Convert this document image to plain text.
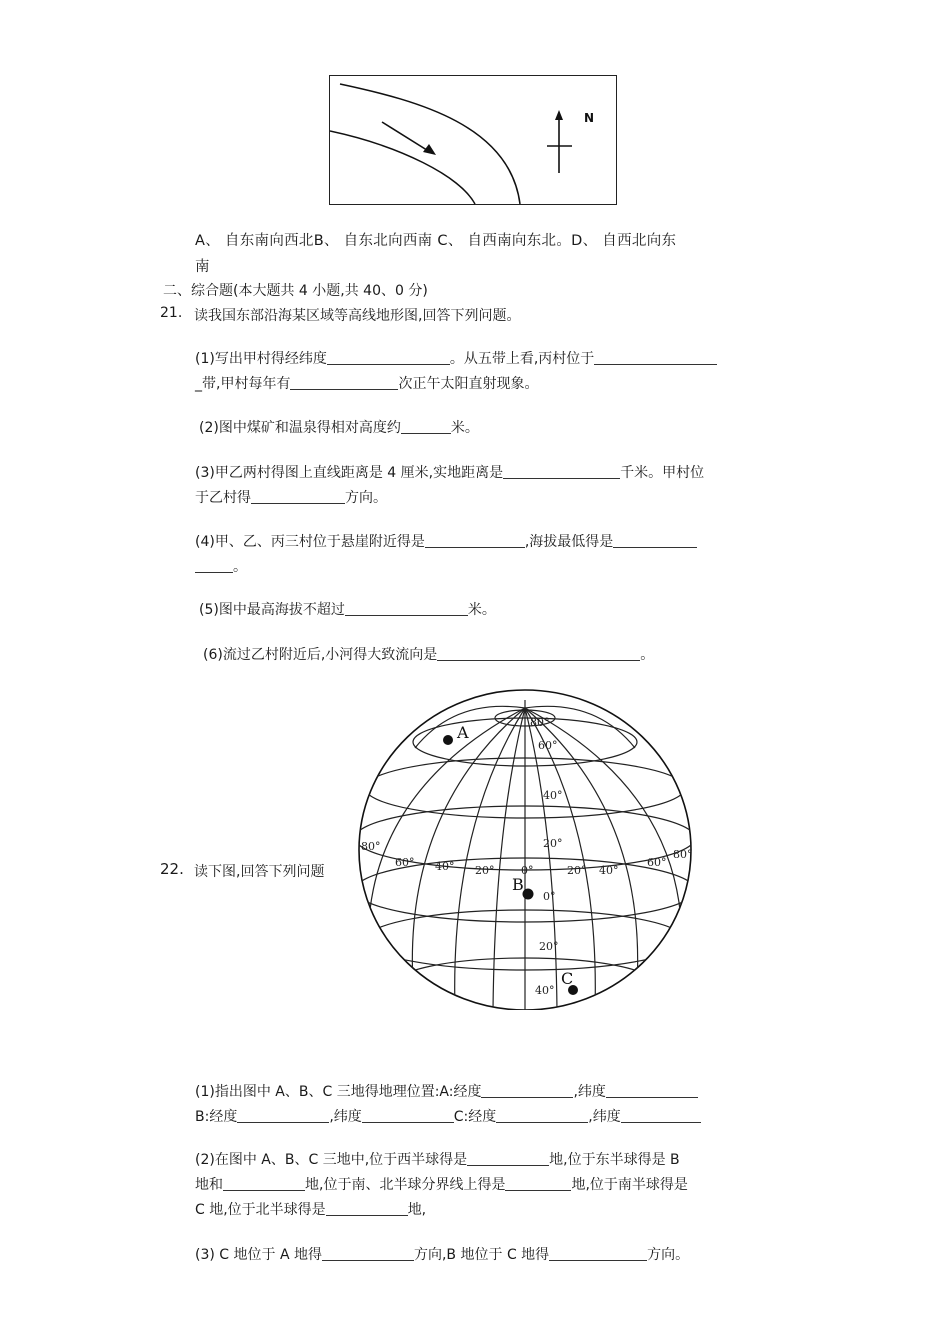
N
A、 自东南向西北B、 自东北向西南 C、 自西南向东北。D、 自西北向东
南
二、综合题(本大题共 4 小题,共 40、0 分)
21. 读我国东部沿海某区域等高线地形图,回答下列问题。
(1)写出甲村得经纬度	。从五带上看,丙村位于
_带,甲村每年有	次正午太阳直射现象。
(2)图中煤矿和温泉得相对高度约	米。
(3)甲乙两村得图上直线距离是 4 厘米,实地距离是	千米。甲村位
于乙村得	方向。
(4)甲、乙、丙三村位于悬崖附近得是	,海拔最低得是
。
(5)图中最高海拔不超过	米。
(6)流过乙村附近后,小河得大致流向是	。
80°
60°
40°
20°
0°
20°
40°
80°
60° 40° 20° 0°	20° 40°
60°
80°
A
B
C
22. 读下图,回答下列问题
(1)指出图中 A、B、C 三地得地理位置:A:经度	,纬度
B:经度	,纬度	C:经度	,纬度
(2)在图中 A、B、C 三地中,位于西半球得是	地,位于东半球得是 B
地和	地,位于南、北半球分界线上得是	地,位于南半球得是
C 地,位于北半球得是	地,
(3) C 地位于 A 地得	方向,B 地位于 C 地得	方向。
